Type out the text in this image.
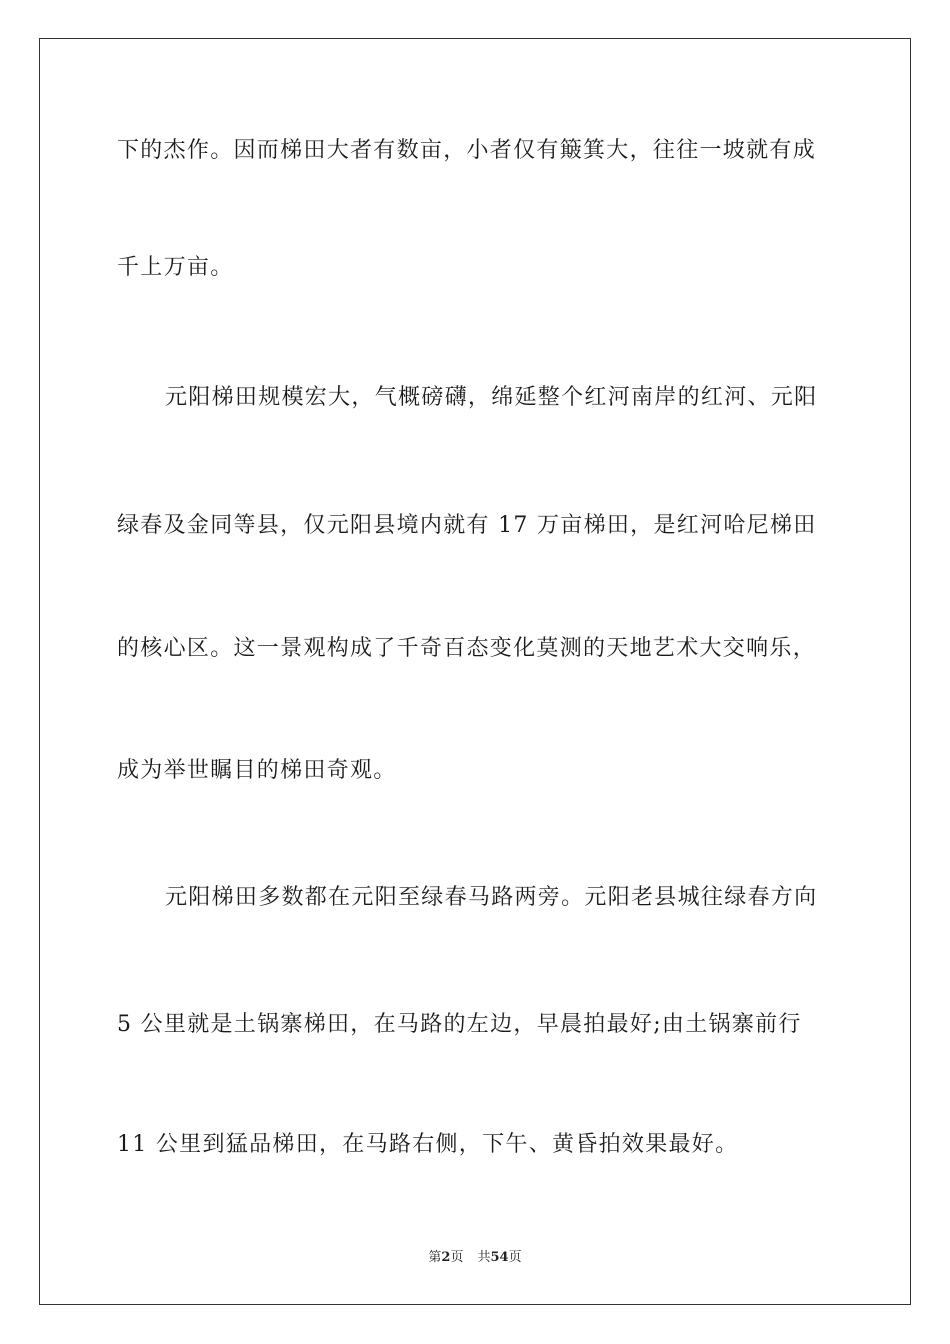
下的杰作。因而梯田大者有数亩，小者仅有簸箕大，往往一坡就有成
千上万亩。
元阳梯田规模宏大，气概磅礴，绵延整个红河南岸的红河、元阳
绿春及金同等县，仅元阳县境内就有 17 万亩梯田，是红河哈尼梯田
的核心区。这一景观构成了千奇百态变化莫测的天地艺术大交响乐，
成为举世瞩目的梯田奇观。
元阳梯田多数都在元阳至绿春马路两旁。元阳老县城往绿春方向
5 公里就是土锅寨梯田，在马路的左边，早晨拍最好;由土锅寨前行
11 公里到猛品梯田，在马路右侧，下午、黄昏拍效果最好。
第2页 共54页
